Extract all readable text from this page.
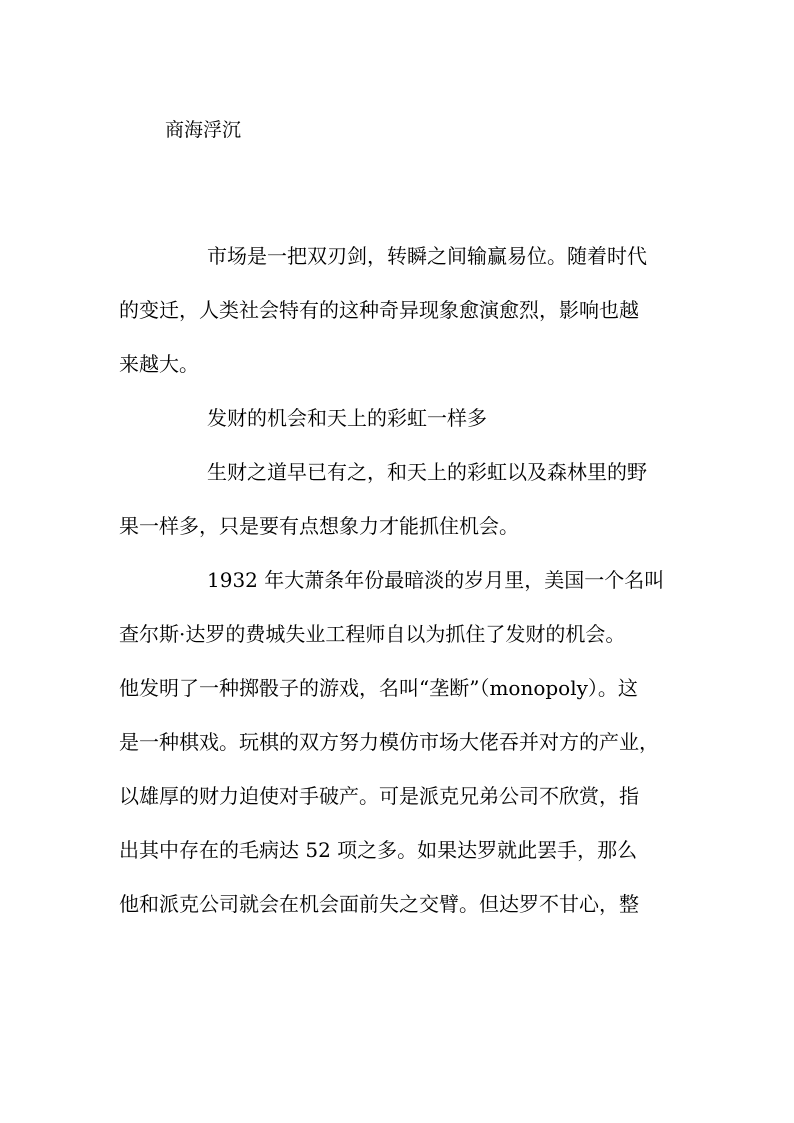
商海浮沉
市场是一把双刃剑，转瞬之间输赢易位。随着时代
的变迁，人类社会特有的这种奇异现象愈演愈烈，影响也越
来越大。
发财的机会和天上的彩虹一样多
生财之道早已有之，和天上的彩虹以及森林里的野
果一样多，只是要有点想象力才能抓住机会。
1932 年大萧条年份最暗淡的岁月里，美国一个名叫
查尔斯·达罗的费城失业工程师自以为抓住了发财的机会。
他发明了一种掷骰子的游戏，名叫“垄断”（monopoly）。这
是一种棋戏。玩棋的双方努力模仿市场大佬吞并对方的产业，
以雄厚的财力迫使对手破产。可是派克兄弟公司不欣赏，指
出其中存在的毛病达 52 项之多。如果达罗就此罢手，那么
他和派克公司就会在机会面前失之交臂。但达罗不甘心，整
